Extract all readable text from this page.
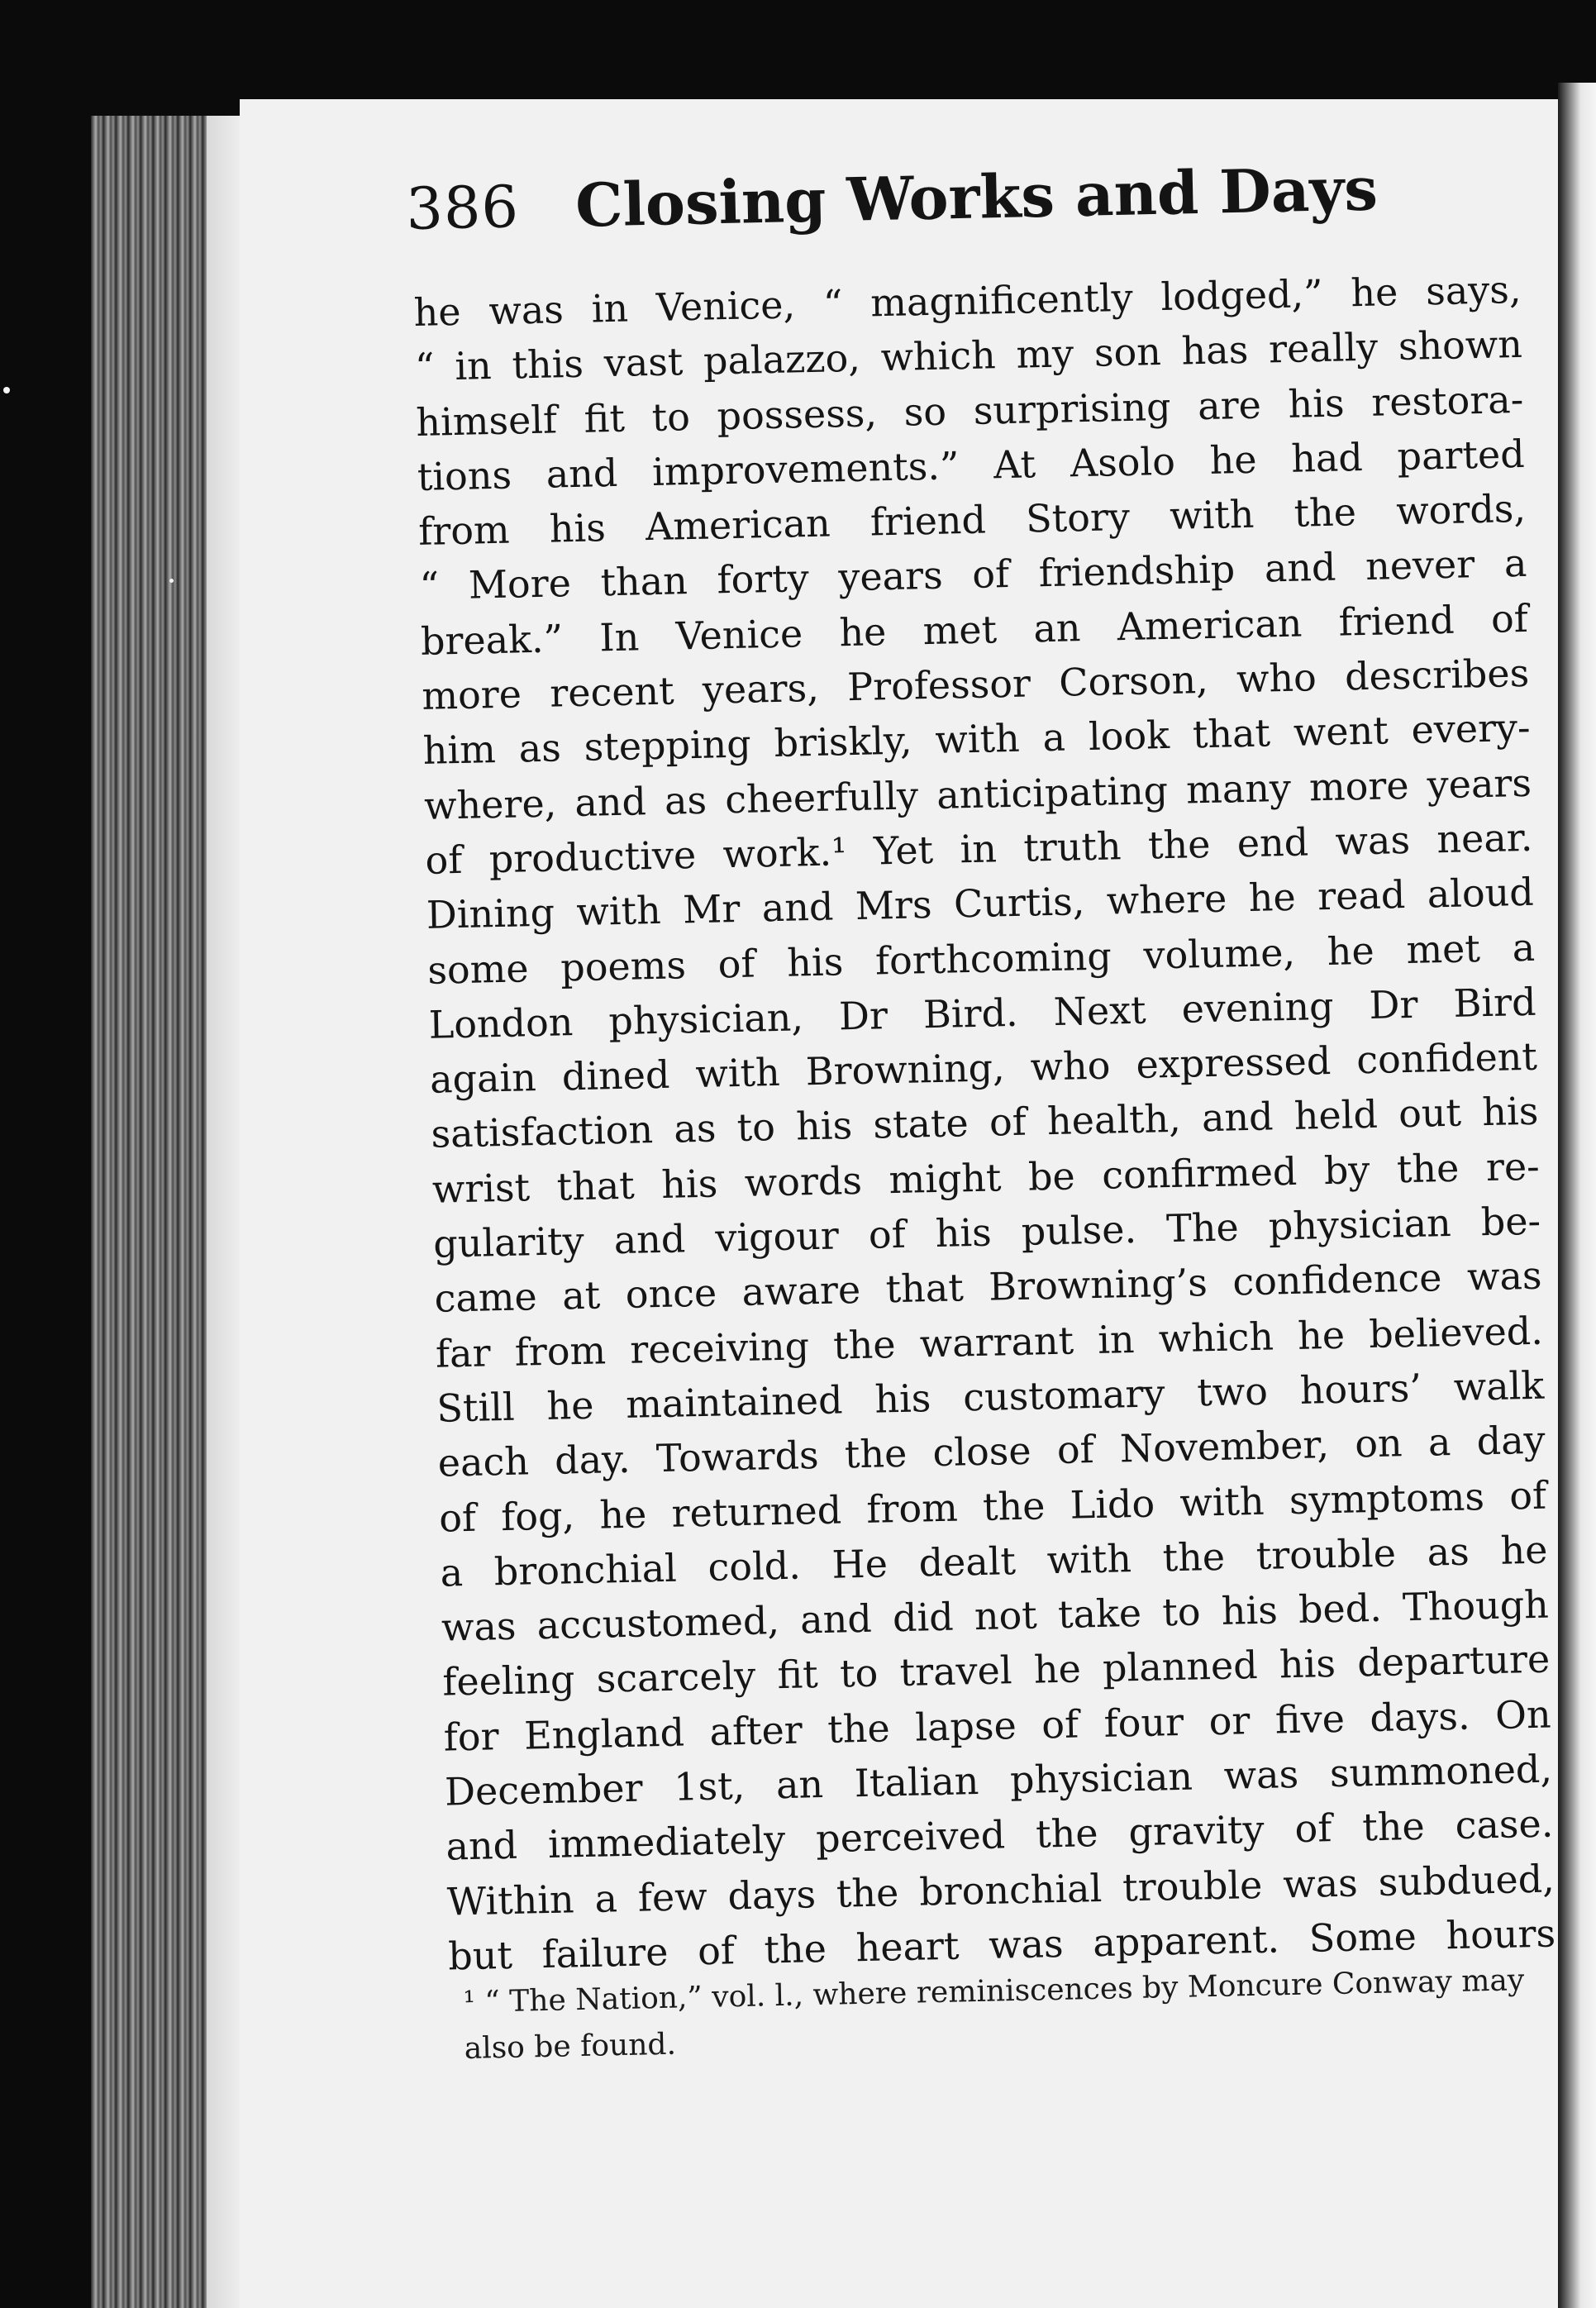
386 Closing Works and Days
he was in Venice, “ magnificently lodged,” he says,
“ in this vast palazzo, which my son has really shown
himself fit to possess, so surprising are his restora-
tions and improvements.” At Asolo he had parted
from his American friend Story with the words,
“ More than forty years of friendship and never a
break.” In Venice he met an American friend of
more recent years, Professor Corson, who describes
him as stepping briskly, with a look that went every-
where, and as cheerfully anticipating many more years
of productive work.¹ Yet in truth the end was near.
Dining with Mr and Mrs Curtis, where he read aloud
some poems of his forthcoming volume, he met a
London physician, Dr Bird. Next evening Dr Bird
again dined with Browning, who expressed confident
satisfaction as to his state of health, and held out his
wrist that his words might be confirmed by the re-
gularity and vigour of his pulse. The physician be-
came at once aware that Browning’s confidence was
far from receiving the warrant in which he believed.
Still he maintained his customary two hours’ walk
each day. Towards the close of November, on a day
of fog, he returned from the Lido with symptoms of
a bronchial cold. He dealt with the trouble as he
was accustomed, and did not take to his bed. Though
feeling scarcely fit to travel he planned his departure
for England after the lapse of four or five days. On
December 1st, an Italian physician was summoned,
and immediately perceived the gravity of the case.
Within a few days the bronchial trouble was subdued,
but failure of the heart was apparent. Some hours
¹ “ The Nation,” vol. l., where reminiscences by Moncure Conway may
also be found.
